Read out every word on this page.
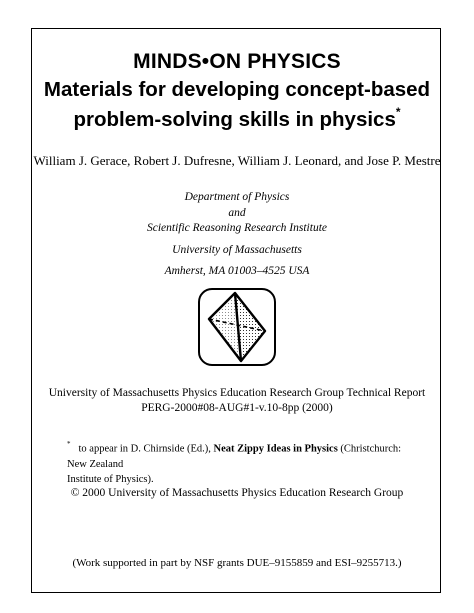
MINDS•ON PHYSICS
Materials for developing concept-based
problem-solving skills in physics*
William J. Gerace, Robert J. Dufresne, William J. Leonard, and Jose P. Mestre
Department of Physics
and
Scientific Reasoning Research Institute
University of Massachusetts
Amherst, MA 01003–4525 USA
University of Massachusetts Physics Education Research Group Technical Report
PERG-2000#08-AUG#1-v.10-8pp (2000)
* to appear in D. Chirnside (Ed.), Neat Zippy Ideas in Physics (Christchurch: New Zealand
Institute of Physics).
© 2000 University of Massachusetts Physics Education Research Group
(Work supported in part by NSF grants DUE–9155859 and ESI–9255713.)
